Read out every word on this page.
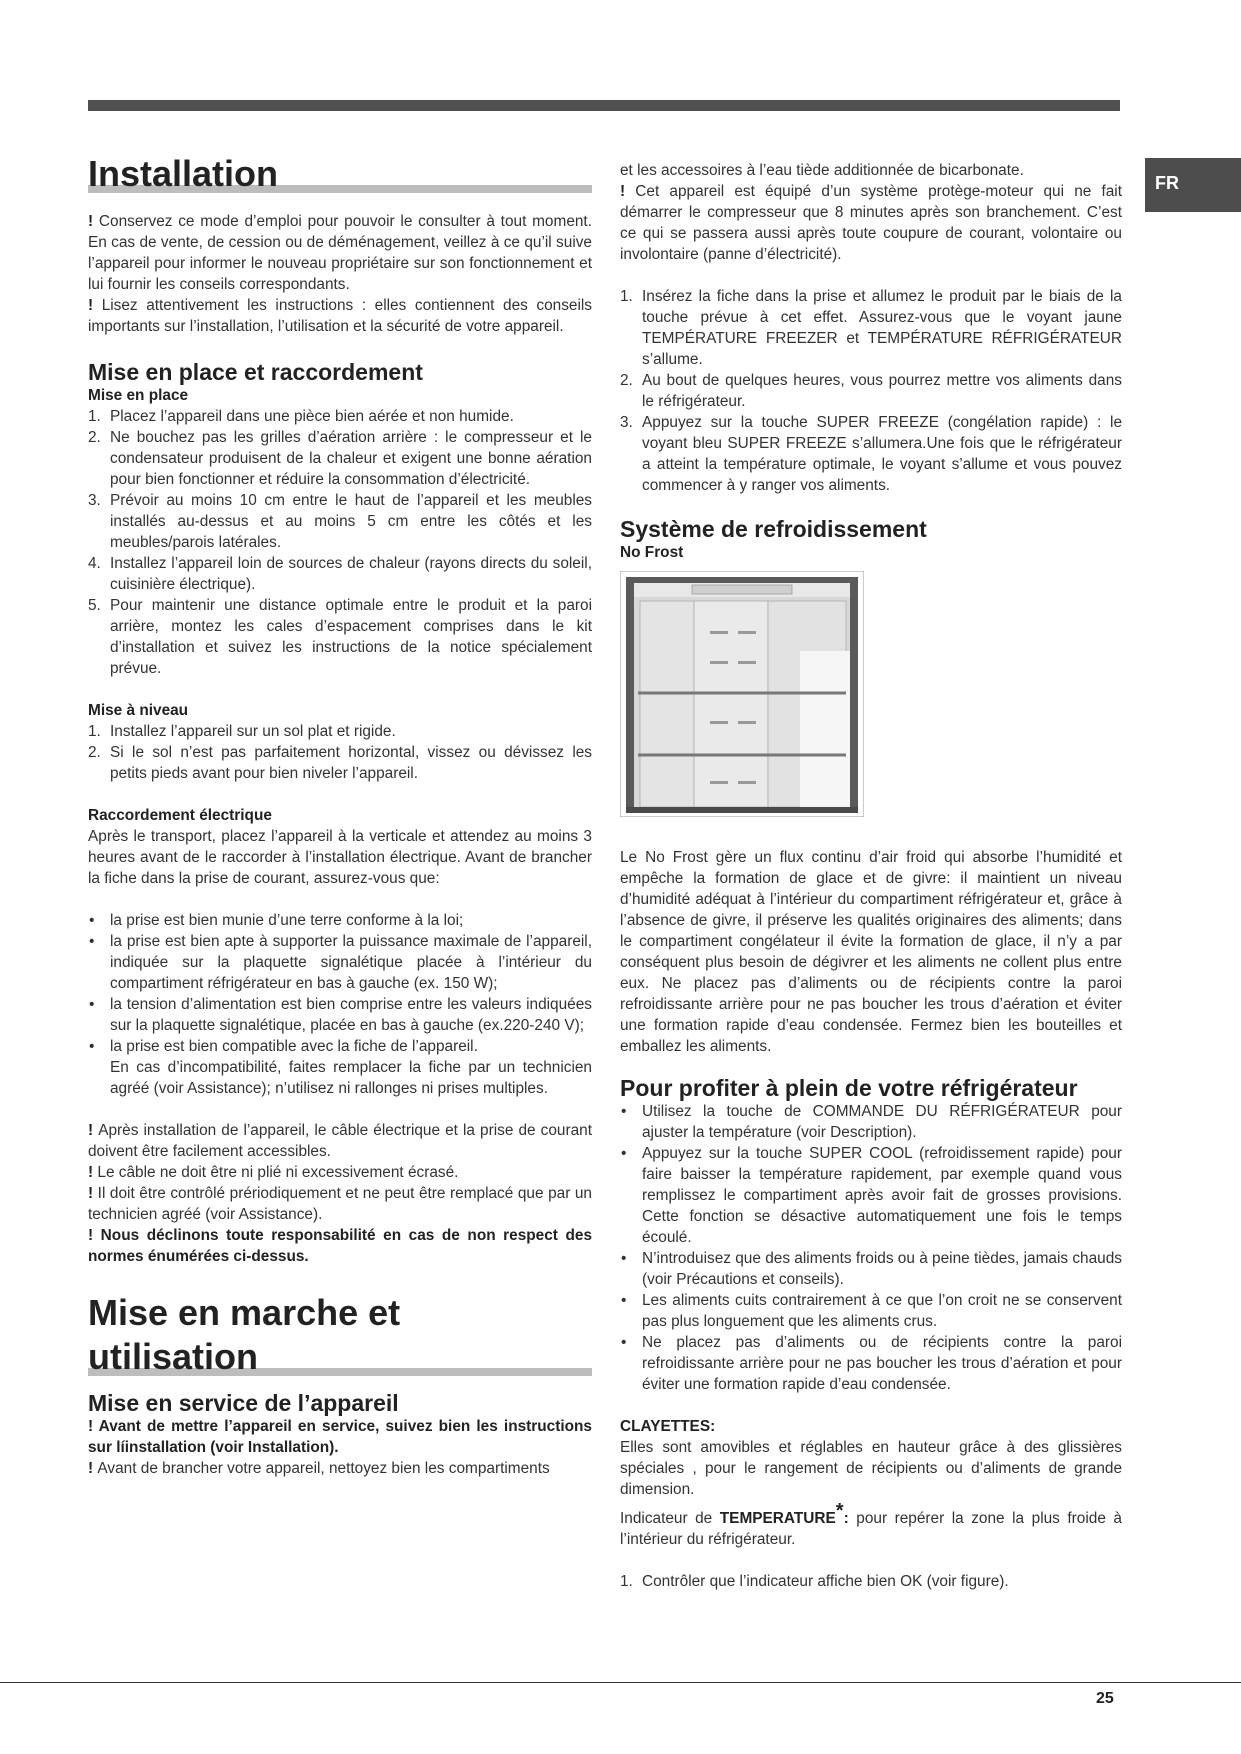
FR
Installation

! Conservez ce mode d’emploi pour pouvoir le consulter à tout moment. En cas de vente, de cession ou de déménagement, veillez à ce qu’il suive l’appareil pour informer le nouveau propriétaire sur son fonctionnement et lui fournir les conseils correspondants.

! Lisez attentivement les instructions : elles contiennent des conseils importants sur l’installation, l’utilisation et la sécurité de votre appareil.

Mise en place et raccordement
Mise en place
1. Placez l’appareil dans une pièce bien aérée et non humide.
2. Ne bouchez pas les grilles d’aération arrière : le compresseur et le condensateur produisent de la chaleur et exigent une bonne aération pour bien fonctionner et réduire la consommation d’électricité.
3. Prévoir au moins 10 cm entre le haut de l’appareil et les meubles installés au-dessus et au moins 5 cm entre les côtés et les meubles/parois latérales.
4. Installez l’appareil loin de sources de chaleur (rayons directs du soleil, cuisinière électrique).
5. Pour maintenir une distance optimale entre le produit et la paroi arrière, montez les cales d’espacement comprises dans le kit d’installation et suivez les instructions de la notice spécialement prévue.
Mise à niveau
1. Installez l’appareil sur un sol plat et rigide.
2. Si le sol n’est pas parfaitement horizontal, vissez ou dévissez les petits pieds avant pour bien niveler l’appareil.
Raccordement électrique

Après le transport, placez l’appareil à la verticale et attendez au moins 3 heures avant de le raccorder à l’installation électrique. Avant de brancher la fiche dans la prise de courant, assurez-vous que:

• la prise est bien munie d’une terre conforme à la loi;
• la prise est bien apte à supporter la puissance maximale de l’appareil, indiquée sur la plaquette signalétique placée à l’intérieur du compartiment réfrigérateur en bas à gauche (ex. 150 W);
• la tension d’alimentation est bien comprise entre les valeurs indiquées sur la plaquette signalétique, placée en bas à gauche (ex.220-240 V);
• la prise est bien compatible avec la fiche de l’appareil.
En cas d’incompatibilité, faites remplacer la fiche par un technicien agréé (voir Assistance); n’utilisez ni rallonges ni prises multiples.

! Après installation de l’appareil, le câble électrique et la prise de courant doivent être facilement accessibles.

! Le câble ne doit être ni plié ni excessivement écrasé.

! Il doit être contrôlé prériodiquement et ne peut être remplacé que par un technicien agréé (voir Assistance).

! Nous déclinons toute responsabilité en cas de non respect des normes énumérées ci-dessus.

Mise en marche et
utilisation
Mise en service de l’appareil

! Avant de mettre l’appareil en service, suivez bien les instructions sur líinstallation (voir Installation).

! Avant de brancher votre appareil, nettoyez bien les compartiments

et les accessoires à l’eau tiède additionnée de bicarbonate.

! Cet appareil est équipé d’un système protège-moteur qui ne fait démarrer le compresseur que 8 minutes après son branchement. C’est ce qui se passera aussi après toute coupure de courant, volontaire ou involontaire (panne d’électricité).

1. Insérez la fiche dans la prise et allumez le produit par le biais de la touche prévue à cet effet. Assurez-vous que le voyant jaune TEMPÉRATURE FREEZER et TEMPÉRATURE RÉFRIGÉRATEUR s’allume.
2. Au bout de quelques heures, vous pourrez mettre vos aliments dans le réfrigérateur.
3. Appuyez sur la touche SUPER FREEZE (congélation rapide) : le voyant bleu SUPER FREEZE s’allumera.Une fois que le réfrigérateur a atteint la température optimale, le voyant s’allume et vous pouvez commencer à y ranger vos aliments.
Système de refroidissement
No Frost

Le No Frost gère un flux continu d’air froid qui absorbe l’humidité et empêche la formation de glace et de givre: il maintient un niveau d’humidité adéquat à l’intérieur du compartiment réfrigérateur et, grâce à l’absence de givre, il préserve les qualités originaires des aliments; dans le compartiment congélateur il évite la formation de glace, il n’y a par conséquent plus besoin de dégivrer et les aliments ne collent plus entre eux. Ne placez pas d’aliments ou de récipients contre la paroi refroidissante arrière pour ne pas boucher les trous d’aération et éviter une formation rapide d’eau condensée. Fermez bien les bouteilles et emballez les aliments.

Pour profiter à plein de votre réfrigérateur
• Utilisez la touche de COMMANDE DU RÉFRIGÉRATEUR pour ajuster la température (voir Description).
• Appuyez sur la touche SUPER COOL (refroidissement rapide) pour faire baisser la température rapidement, par exemple quand vous remplissez le compartiment après avoir fait de grosses provisions. Cette fonction se désactive automatiquement une fois le temps écoulé.
• N’introduisez que des aliments froids ou à peine tièdes, jamais chauds (voir Précautions et conseils).
• Les aliments cuits contrairement à ce que l’on croit ne se conservent pas plus longuement que les aliments crus.
• Ne placez pas d’aliments ou de récipients contre la paroi refroidissante arrière pour ne pas boucher les trous d’aération et pour éviter une formation rapide d’eau condensée.
CLAYETTES:

Elles sont amovibles et réglables en hauteur grâce à des glissières spéciales , pour le rangement de récipients ou d’aliments de grande dimension.

Indicateur de TEMPERATURE*: pour repérer la zone la plus froide à l’intérieur du réfrigérateur.

1. Contrôler que l’indicateur affiche bien OK (voir figure).
25
